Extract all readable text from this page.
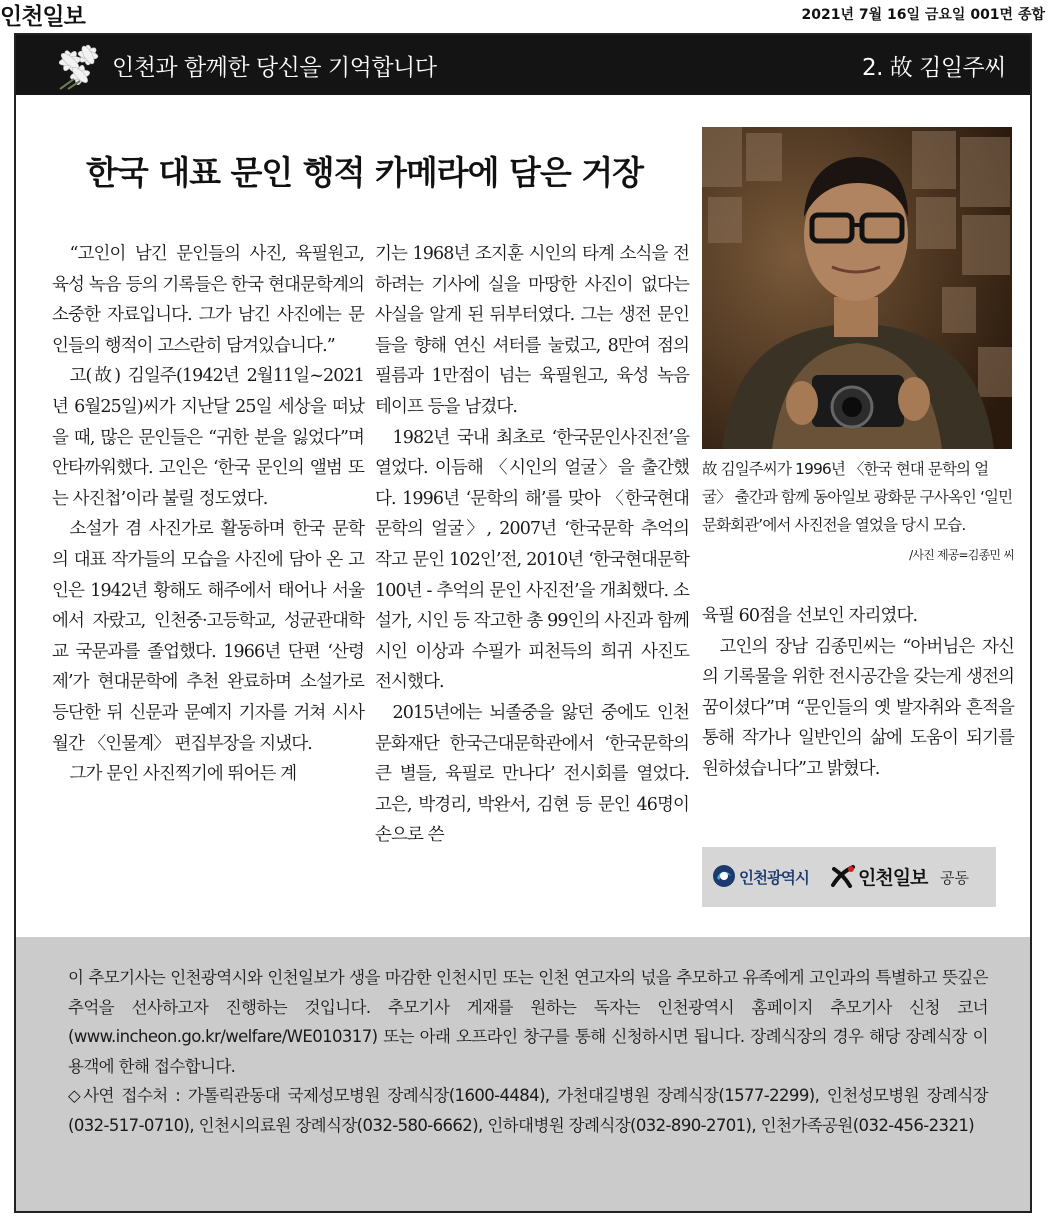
인천일보	2021년 7월 16일 금요일 001면 종합
인천과 함께한 당신을 기억합니다	2. 故 김일주씨
한국 대표 문인 행적 카메라에 담은 거장

“고인이 남긴 문인들의 사진, 육필원고, 육성 녹음 등의 기록들은 한국 현대문학계의 소중한 자료입니다. 그가 남긴 사진에는 문인들의 행적이 고스란히 담겨있습니다.”

고(故) 김일주(1942년 2월11일~2021년 6월25일)씨가 지난달 25일 세상을 떠났을 때, 많은 문인들은 “귀한 분을 잃었다”며 안타까워했다. 고인은 ‘한국 문인의 앨범 또는 사진첩’이라 불릴 정도였다.

소설가 겸 사진가로 활동하며 한국 문학의 대표 작가들의 모습을 사진에 담아 온 고인은 1942년 황해도 해주에서 태어나 서울에서 자랐고, 인천중·고등학교, 성균관대학교 국문과를 졸업했다. 1966년 단편 ‘산령제’가 현대문학에 추천 완료하며 소설가로 등단한 뒤 신문과 문예지 기자를 거쳐 시사 월간 〈인물계〉 편집부장을 지냈다.

그가 문인 사진찍기에 뛰어든 계

기는 1968년 조지훈 시인의 타계 소식을 전하려는 기사에 실을 마땅한 사진이 없다는 사실을 알게 된 뒤부터였다. 그는 생전 문인들을 향해 연신 셔터를 눌렀고, 8만여 점의 필름과 1만점이 넘는 육필원고, 육성 녹음 테이프 등을 남겼다.

1982년 국내 최초로 ‘한국문인사진전’을 열었다. 이듬해 〈시인의 얼굴〉을 출간했다. 1996년 ‘문학의 해’를 맞아 〈한국현대문학의 얼굴〉, 2007년 ‘한국문학 추억의 작고 문인 102인’전, 2010년 ‘한국현대문학 100년 - 추억의 문인 사진전’을 개최했다. 소설가, 시인 등 작고한 총 99인의 사진과 함께 시인 이상과 수필가 피천득의 희귀 사진도 전시했다.

2015년에는 뇌졸중을 앓던 중에도 인천문화재단 한국근대문학관에서 ‘한국문학의 큰 별들, 육필로 만나다’ 전시회를 열었다. 고은, 박경리, 박완서, 김현 등 문인 46명이 손으로 쓴

故 김일주씨가 1996년 〈한국 현대 문학의 얼굴〉 출간과 함께 동아일보 광화문 구사옥인 ‘일민문화회관’에서 사진전을 열었을 당시 모습.
/사진 제공=김종민 씨

육필 60점을 선보인 자리였다.

고인의 장남 김종민씨는 “아버님은 자신의 기록물을 위한 전시공간을 갖는게 생전의 꿈이셨다”며 “문인들의 옛 발자취와 흔적을 통해 작가나 일반인의 삶에 도움이 되기를 원하셨습니다”고 밝혔다.

인천광역시	인천일보 공동

이 추모기사는 인천광역시와 인천일보가 생을 마감한 인천시민 또는 인천 연고자의 넋을 추모하고 유족에게 고인과의 특별하고 뜻깊은 추억을 선사하고자 진행하는 것입니다. 추모기사 게재를 원하는 독자는 인천광역시 홈페이지 추모기사 신청 코너(www.incheon.go.kr/welfare/WE010317) 또는 아래 오프라인 창구를 통해 신청하시면 됩니다. 장례식장의 경우 해당 장례식장 이용객에 한해 접수합니다.

◇사연 접수처 : 가톨릭관동대 국제성모병원 장례식장(1600-4484), 가천대길병원 장례식장(1577-2299), 인천성모병원 장례식장(032-517-0710), 인천시의료원 장례식장(032-580-6662), 인하대병원 장례식장(032-890-2701), 인천가족공원(032-456-2321)
